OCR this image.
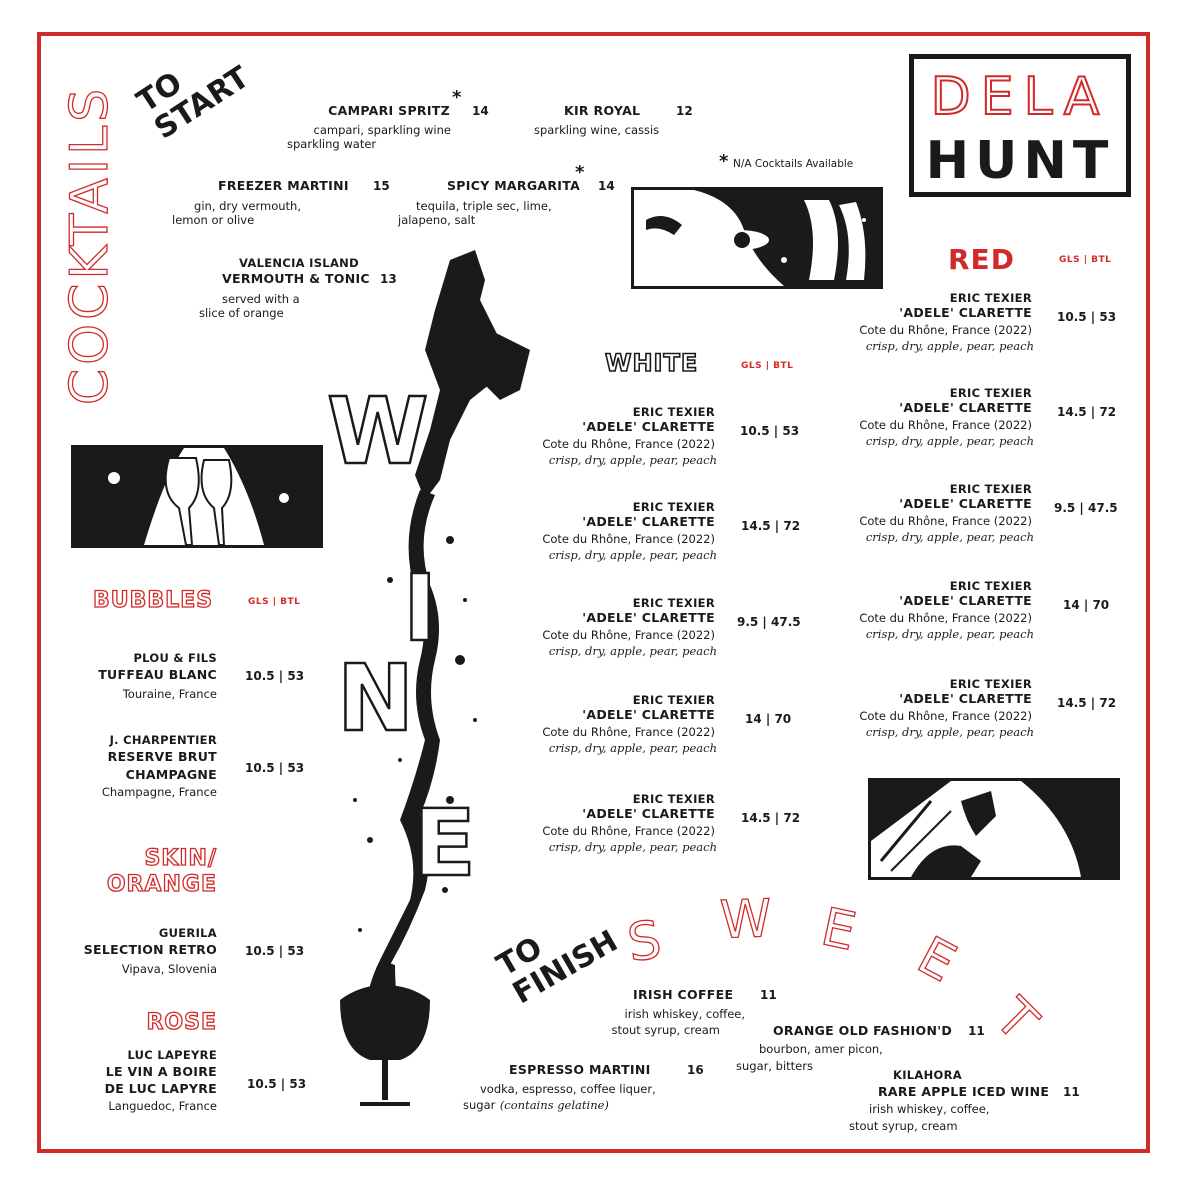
DELA
HUNT
COCKTAILS TO START	CAMPARI SPRITZ
*
14
campari, sparkling wine
sparkling water
KIR ROYAL	12
sparkling wine, cassis
* N/A Cocktails Available
FREEZER MARTINI 15
gin, dry vermouth,
lemon or olive
SPICY MARGARITA
*
14
tequila, triple sec, lime,
jalapeno, salt
VALENCIA ISLAND
VERMOUTH & TONIC 13
served with a
slice of orange
W
I
N
E
BUBBLES	GLS | BTL
PLOU & FILS
TUFFEAU BLANC
Touraine, France
10.5 | 53
J. CHARPENTIER
RESERVE BRUT
CHAMPAGNE
Champagne, France
10.5 | 53
SKIN/
ORANGE
GUERILA
SELECTION RETRO
Vipava, Slovenia
10.5 | 53
ROSE
LUC LAPEYRE
LE VIN A BOIRE
DE LUC LAPYRE
Languedoc, France
10.5 | 53
WHITE	GLS | BTL
ERIC TEXIER
'ADELE' CLARETTE
Cote du Rhône, France (2022)
crisp, dry, apple, pear, peach
10.5 | 53
ERIC TEXIER
'ADELE' CLARETTE
Cote du Rhône, France (2022)
crisp, dry, apple, pear, peach
14.5 | 72
ERIC TEXIER
'ADELE' CLARETTE
Cote du Rhône, France (2022)
crisp, dry, apple, pear, peach
9.5 | 47.5
ERIC TEXIER
'ADELE' CLARETTE
Cote du Rhône, France (2022)
crisp, dry, apple, pear, peach
14 | 70
ERIC TEXIER
'ADELE' CLARETTE
Cote du Rhône, France (2022)
crisp, dry, apple, pear, peach
14.5 | 72
RED	GLS | BTL
ERIC TEXIER
'ADELE' CLARETTE
Cote du Rhône, France (2022)
crisp, dry, apple, pear, peach
10.5 | 53
ERIC TEXIER
'ADELE' CLARETTE
Cote du Rhône, France (2022)
crisp, dry, apple, pear, peach
14.5 | 72
ERIC TEXIER
'ADELE' CLARETTE
Cote du Rhône, France (2022)
crisp, dry, apple, pear, peach
9.5 | 47.5
ERIC TEXIER
'ADELE' CLARETTE
Cote du Rhône, France (2022)
crisp, dry, apple, pear, peach
14 | 70
ERIC TEXIER
'ADELE' CLARETTE
Cote du Rhône, France (2022)
crisp, dry, apple, pear, peach
14.5 | 72
S W E E
T
TO FINISH IRISH COFFEE 11
irish whiskey, coffee,
stout syrup, cream	ORANGE OLD FASHION'D 11
bourbon, amer picon,
sugar, bitters
ESPRESSO MARTINI	16
vodka, espresso, coffee liquer,
sugar (contains gelatine)
KILAHORA
RARE APPLE ICED WINE 11
irish whiskey, coffee,
stout syrup, cream
